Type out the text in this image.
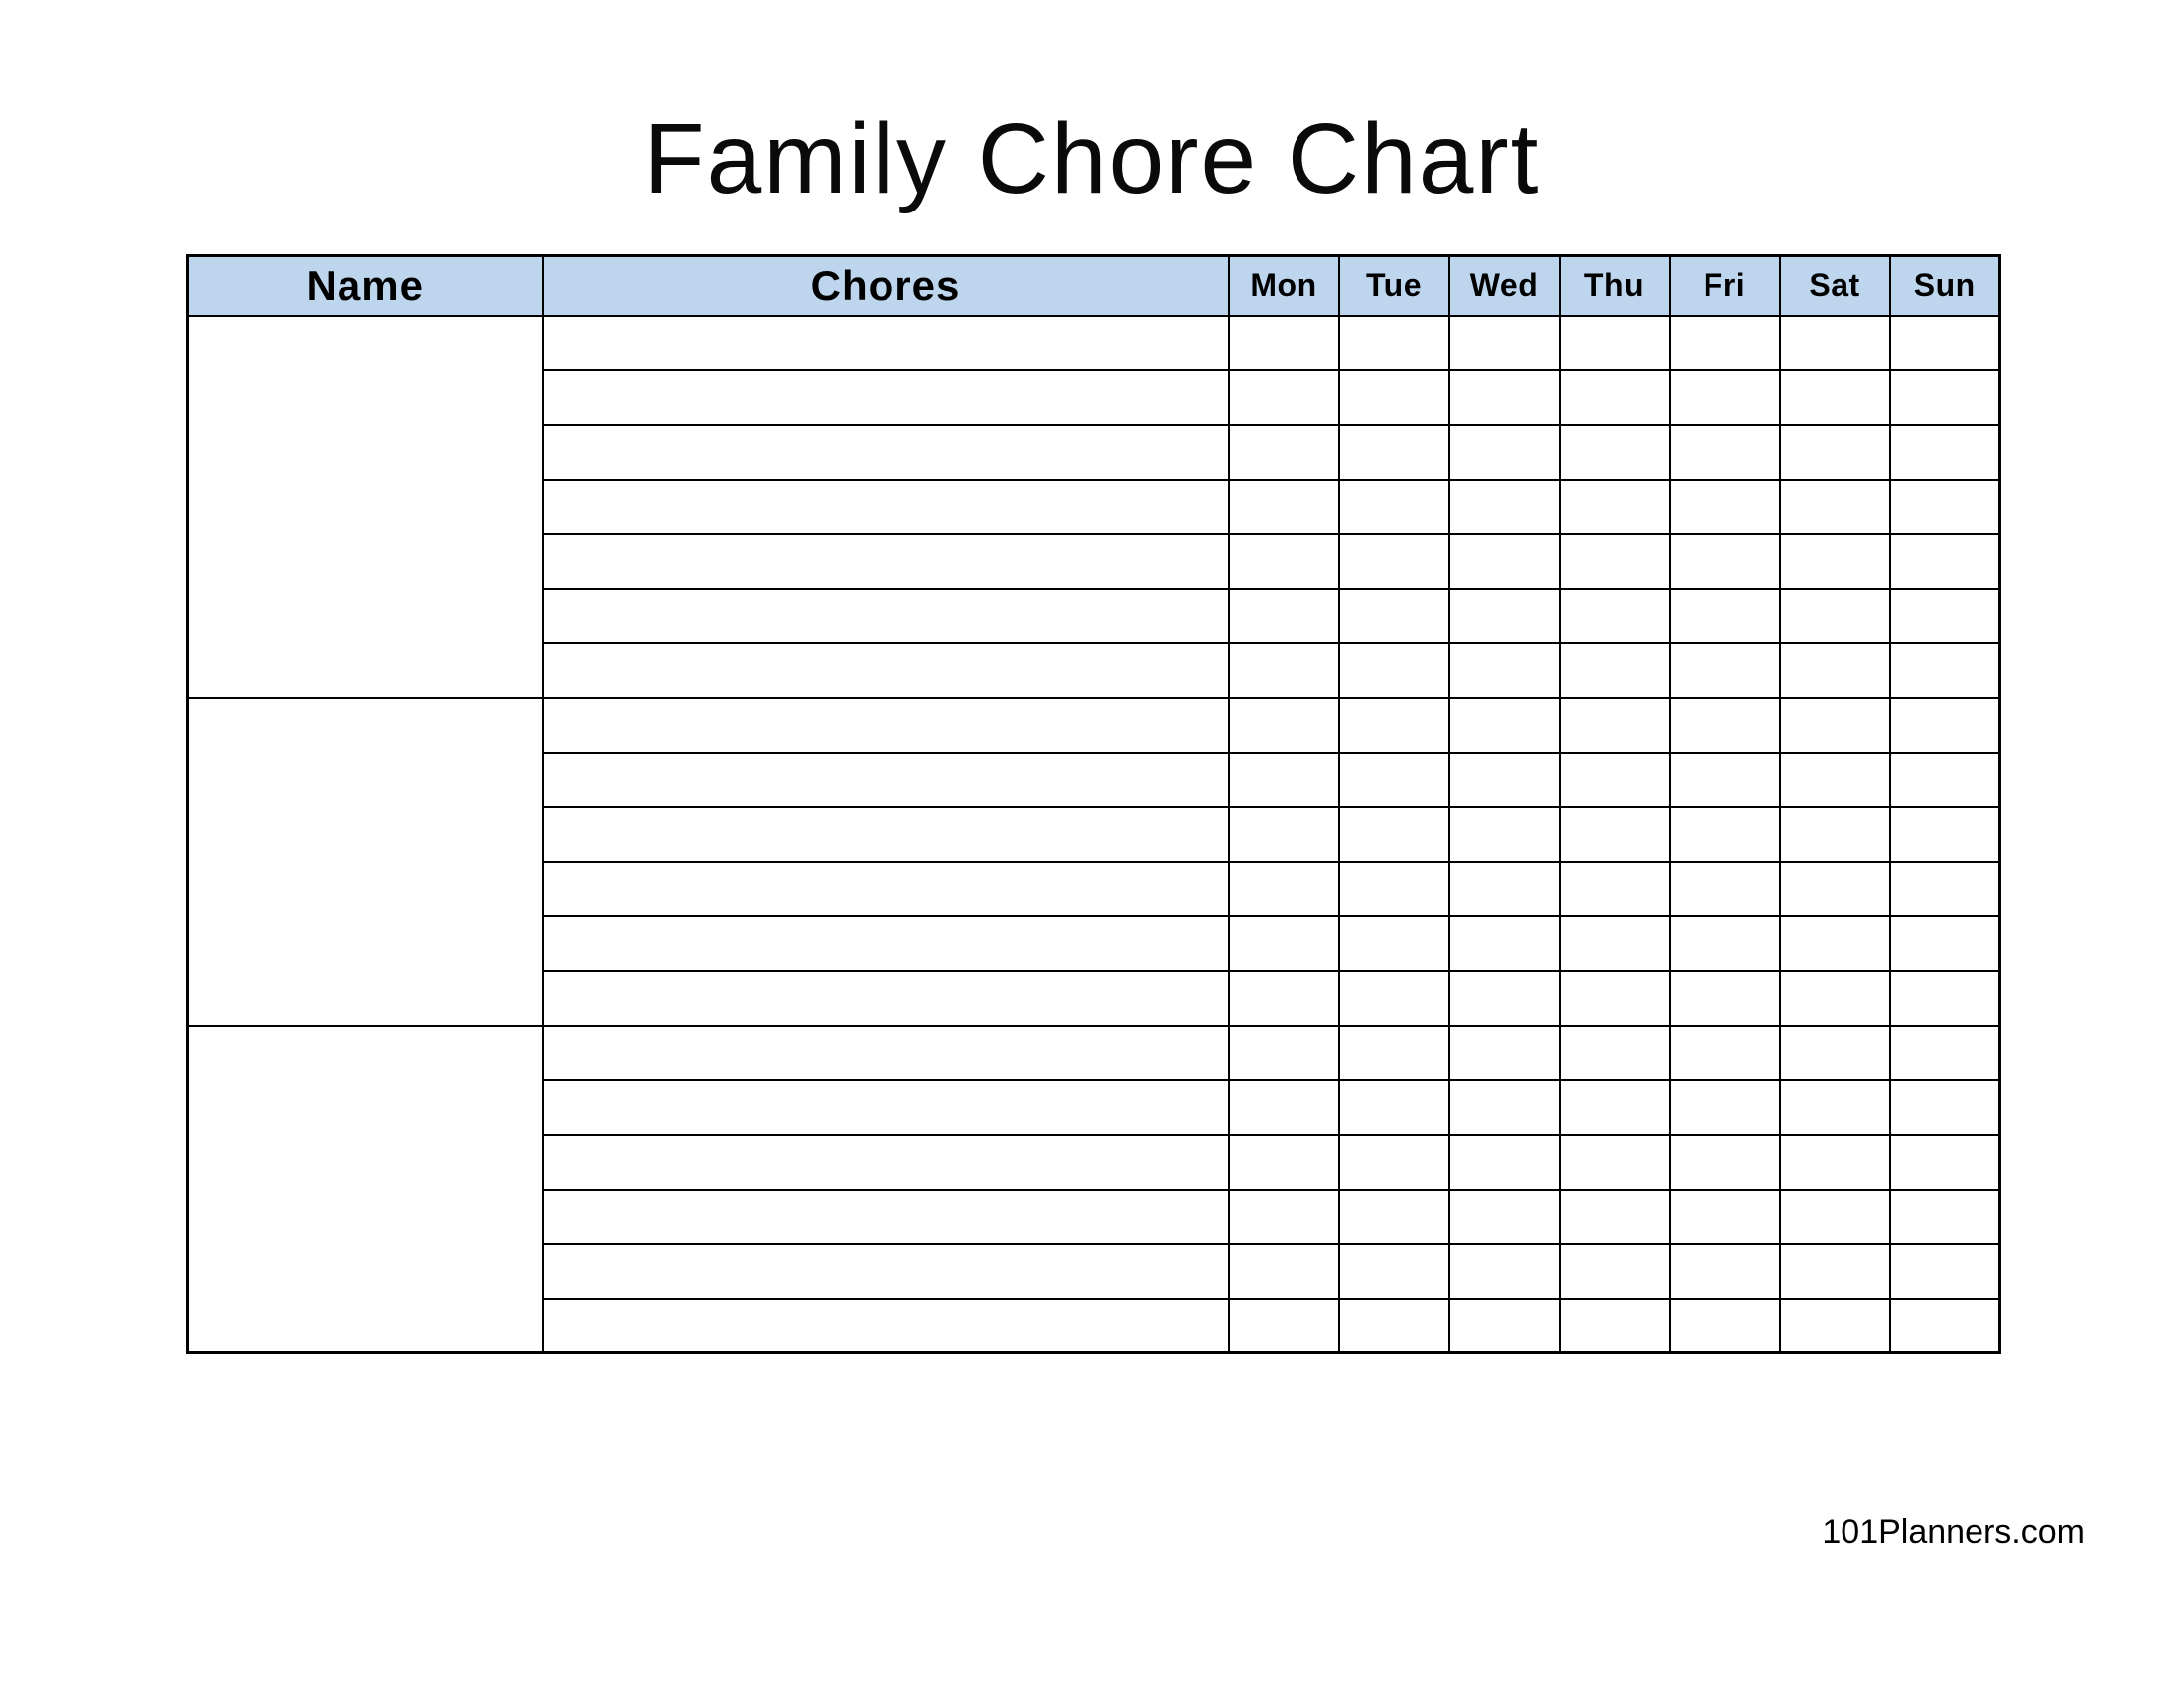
Family Chore Chart
Name	Chores	Mon	Tue	Wed	Thu	Fri	Sat	Sun

101Planners.com
